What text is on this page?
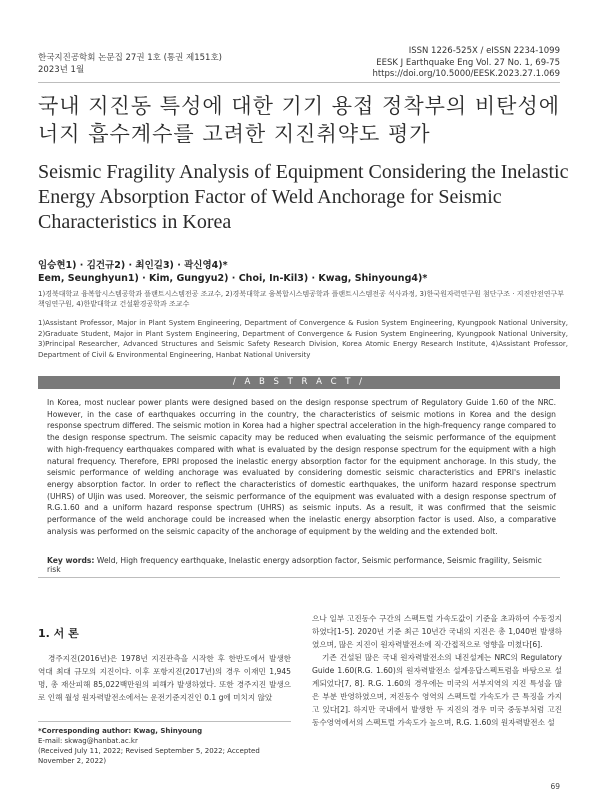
한국지진공학회 논문집 27권 1호 (통권 제151호)
2023년 1월
ISSN 1226-525X / eISSN 2234-1099
EESK J Earthquake Eng Vol. 27 No. 1, 69-75
https://doi.org/10.5000/EESK.2023.27.1.069
국내 지진동 특성에 대한 기기 용접 정착부의 비탄성에
너지 흡수계수를 고려한 지진취약도 평가
Seismic Fragility Analysis of Equipment Considering the Inelastic
Energy Absorption Factor of Weld Anchorage for Seismic
Characteristics in Korea
임승현1) · 김건규2) · 최인길3) · 곽신영4)*
Eem, Seunghyun1) · Kim, Gungyu2) · Choi, In-Kil3) · Kwag, Shinyoung4)*
1)경북대학교 융복합시스템공학과 플랜트시스템전공 조교수, 2)경북대학교 융복합시스템공학과 플랜트시스템전공 석사과정, 3)한국원자력연구원 첨단구조 · 지진안전연구부 책임연구원, 4)한밭대학교 건설환경공학과 조교수
1)Assistant Professor, Major in Plant System Engineering, Department of Convergence & Fusion System Engineering, Kyungpook National University, 2)Graduate Student, Major in Plant System Engineering, Department of Convergence & Fusion System Engineering, Kyungpook National University, 3)Principal Researcher, Advanced Structures and Seismic Safety Research Division, Korea Atomic Energy Research Institute, 4)Assistant Professor, Department of Civil & Environmental Engineering, Hanbat National University
/ A B S T R A C T /
In Korea, most nuclear power plants were designed based on the design response spectrum of Regulatory Guide 1.60 of the NRC. However, in the case of earthquakes occurring in the country, the characteristics of seismic motions in Korea and the design response spectrum differed. The seismic motion in Korea had a higher spectral acceleration in the high-frequency range compared to the design response spectrum. The seismic capacity may be reduced when evaluating the seismic performance of the equipment with high-frequency earthquakes compared with what is evaluated by the design response spectrum for the equipment with a high natural frequency. Therefore, EPRI proposed the inelastic energy absorption factor for the equipment anchorage. In this study, the seismic performance of welding anchorage was evaluated by considering domestic seismic characteristics and EPRI's inelastic energy absorption factor. In order to reflect the characteristics of domestic earthquakes, the uniform hazard response spectrum (UHRS) of Uljin was used. Moreover, the seismic performance of the equipment was evaluated with a design response spectrum of R.G.1.60 and a uniform hazard response spectrum (UHRS) as seismic inputs. As a result, it was confirmed that the seismic performance of the weld anchorage could be increased when the inelastic energy absorption factor is used. Also, a comparative analysis was performed on the seismic capacity of the anchorage of equipment by the welding and the extended bolt.
Key words: Weld, High frequency earthquake, Inelastic energy adsorption factor, Seismic performance, Seismic fragility, Seismic risk
1. 서 론

경주지진(2016년)은 1978년 지진관측을 시작한 후 한반도에서 발생한 역대 최대 규모의 지진이다. 이후 포항지진(2017년)의 경우 이재민 1,945명, 총 재산피해 85,022백만원의 피해가 발생하였다. 또한 경주지진 발생으로 인해 월성 원자력발전소에서는 운전기준지진인 0.1 g에 미치지 않았

으나 일부 고진동수 구간의 스펙트럴 가속도값이 기준을 초과하여 수동정지하였다[1-5]. 2020년 기준 최근 10년간 국내의 지진은 총 1,040번 발생하였으며, 많은 지진이 원자력발전소에 직·간접적으로 영향을 미쳤다[6].

기존 건설된 많은 국내 원자력발전소의 내진설계는 NRC의 Regulatory Guide 1.60(R.G. 1.60)의 원자력발전소 설계응답스펙트럼을 바탕으로 설계되었다[7, 8]. R.G. 1.60의 경우에는 미국의 서부지역의 지진 특성을 많은 부분 반영하였으며, 저진동수 영역의 스펙트럴 가속도가 큰 특징을 가지고 있다[2]. 하지만 국내에서 발생한 두 지진의 경우 미국 중동부처럼 고진동수영역에서의 스펙트럴 가속도가 높으며, R.G. 1.60의 원자력발전소 설

*Corresponding author: Kwag, Shinyoung
E-mail: skwag@hanbat.ac.kr
(Received July 11, 2022; Revised September 5, 2022; Accepted November 2, 2022)
69
